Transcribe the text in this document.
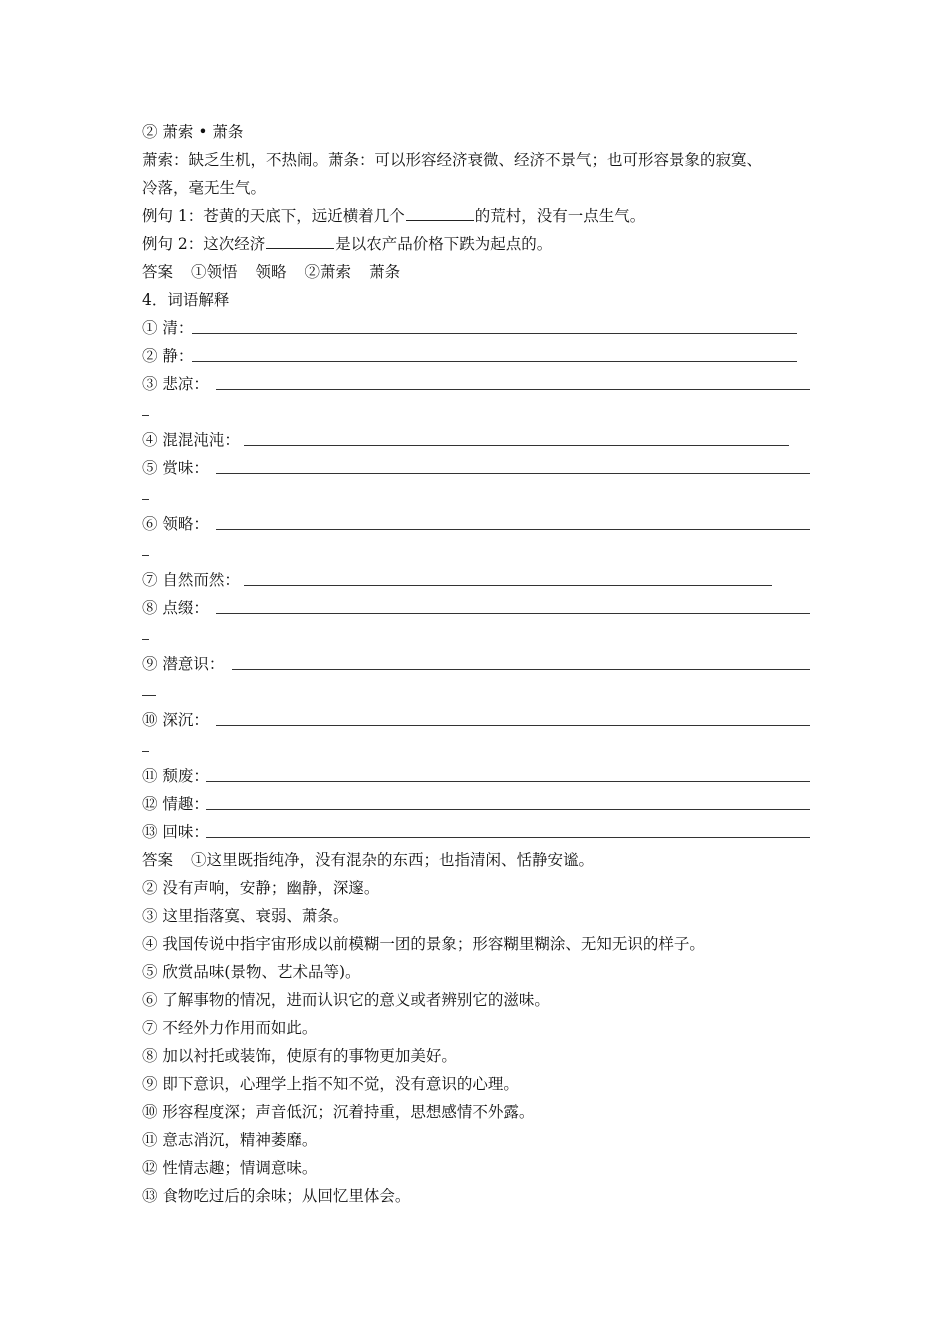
② 萧索 • 萧条
萧索：缺乏生机，不热闹。萧条：可以形容经济衰微、经济不景气；也可形容景象的寂寞、
冷落，毫无生气。
例句 1：苍黄的天底下，远近横着几个	的荒村，没有一点生气。
例句 2：这次经济	是以农产品价格下跌为起点的。
答案 ①领悟 领略 ②萧索 萧条
4．词语解释
① 清：
② 静：
③ 悲凉：
④ 混混沌沌：
⑤ 赏味：
⑥ 领略：
⑦ 自然而然：
⑧ 点缀：
⑨ 潜意识：
⑩ 深沉：
⑪ 颓废：
⑫ 情趣：
⑬ 回味：
答案 ①这里既指纯净，没有混杂的东西；也指清闲、恬静安谧。
② 没有声响，安静；幽静，深邃。
③ 这里指落寞、衰弱、萧条。
④ 我国传说中指宇宙形成以前模糊一团的景象；形容糊里糊涂、无知无识的样子。
⑤ 欣赏品味(景物、艺术品等)。
⑥ 了解事物的情况，进而认识它的意义或者辨别它的滋味。
⑦ 不经外力作用而如此。
⑧ 加以衬托或装饰，使原有的事物更加美好。
⑨ 即下意识，心理学上指不知不觉，没有意识的心理。
⑩ 形容程度深；声音低沉；沉着持重，思想感情不外露。
⑪ 意志消沉，精神萎靡。
⑫ 性情志趣；情调意味。
⑬ 食物吃过后的余味；从回忆里体会。
